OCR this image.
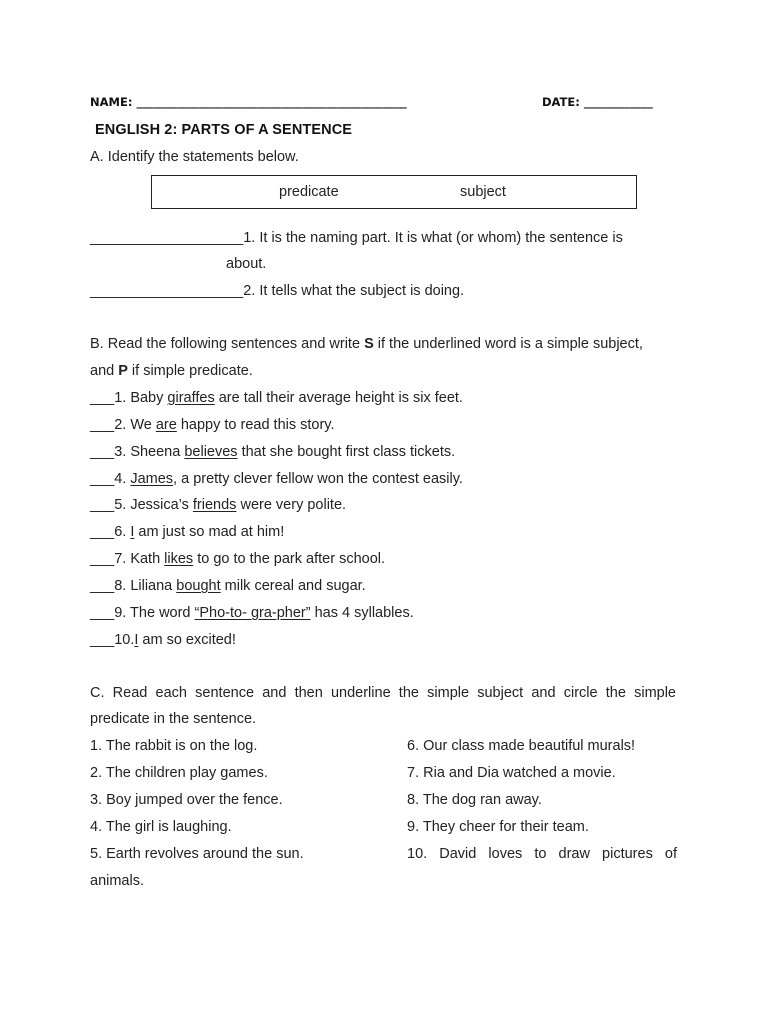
NAME: _______________________________________________	DATE: ____________
ENGLISH 2: PARTS OF A SENTENCE
A. Identify the statements below.
predicate	subject
___________________1. It is the naming part. It is what (or whom) the sentence is
about.
___________________2. It tells what the subject is doing.
B. Read the following sentences and write S if the underlined word is a simple subject,
and P if simple predicate.
___1. Baby giraffes are tall their average height is six feet.
___2. We are happy to read this story.
___3. Sheena believes that she bought first class tickets.
___4. James, a pretty clever fellow won the contest easily.
___5. Jessica’s friends were very polite.
___6. I am just so mad at him!
___7. Kath likes to go to the park after school.
___8. Liliana bought milk cereal and sugar.
___9. The word “Pho-to- gra-pher” has 4 syllables.
___10.I am so excited!
C. Read each sentence and then underline the simple subject and circle the simple
predicate in the sentence.
1. The rabbit is on the log.
2. The children play games.
3. Boy jumped over the fence.
4. The girl is laughing.
5. Earth revolves around the sun.
6. Our class made beautiful murals!
7. Ria and Dia watched a movie.
8. The dog ran away.
9. They cheer for their team.
10. David loves to draw pictures of
animals.
